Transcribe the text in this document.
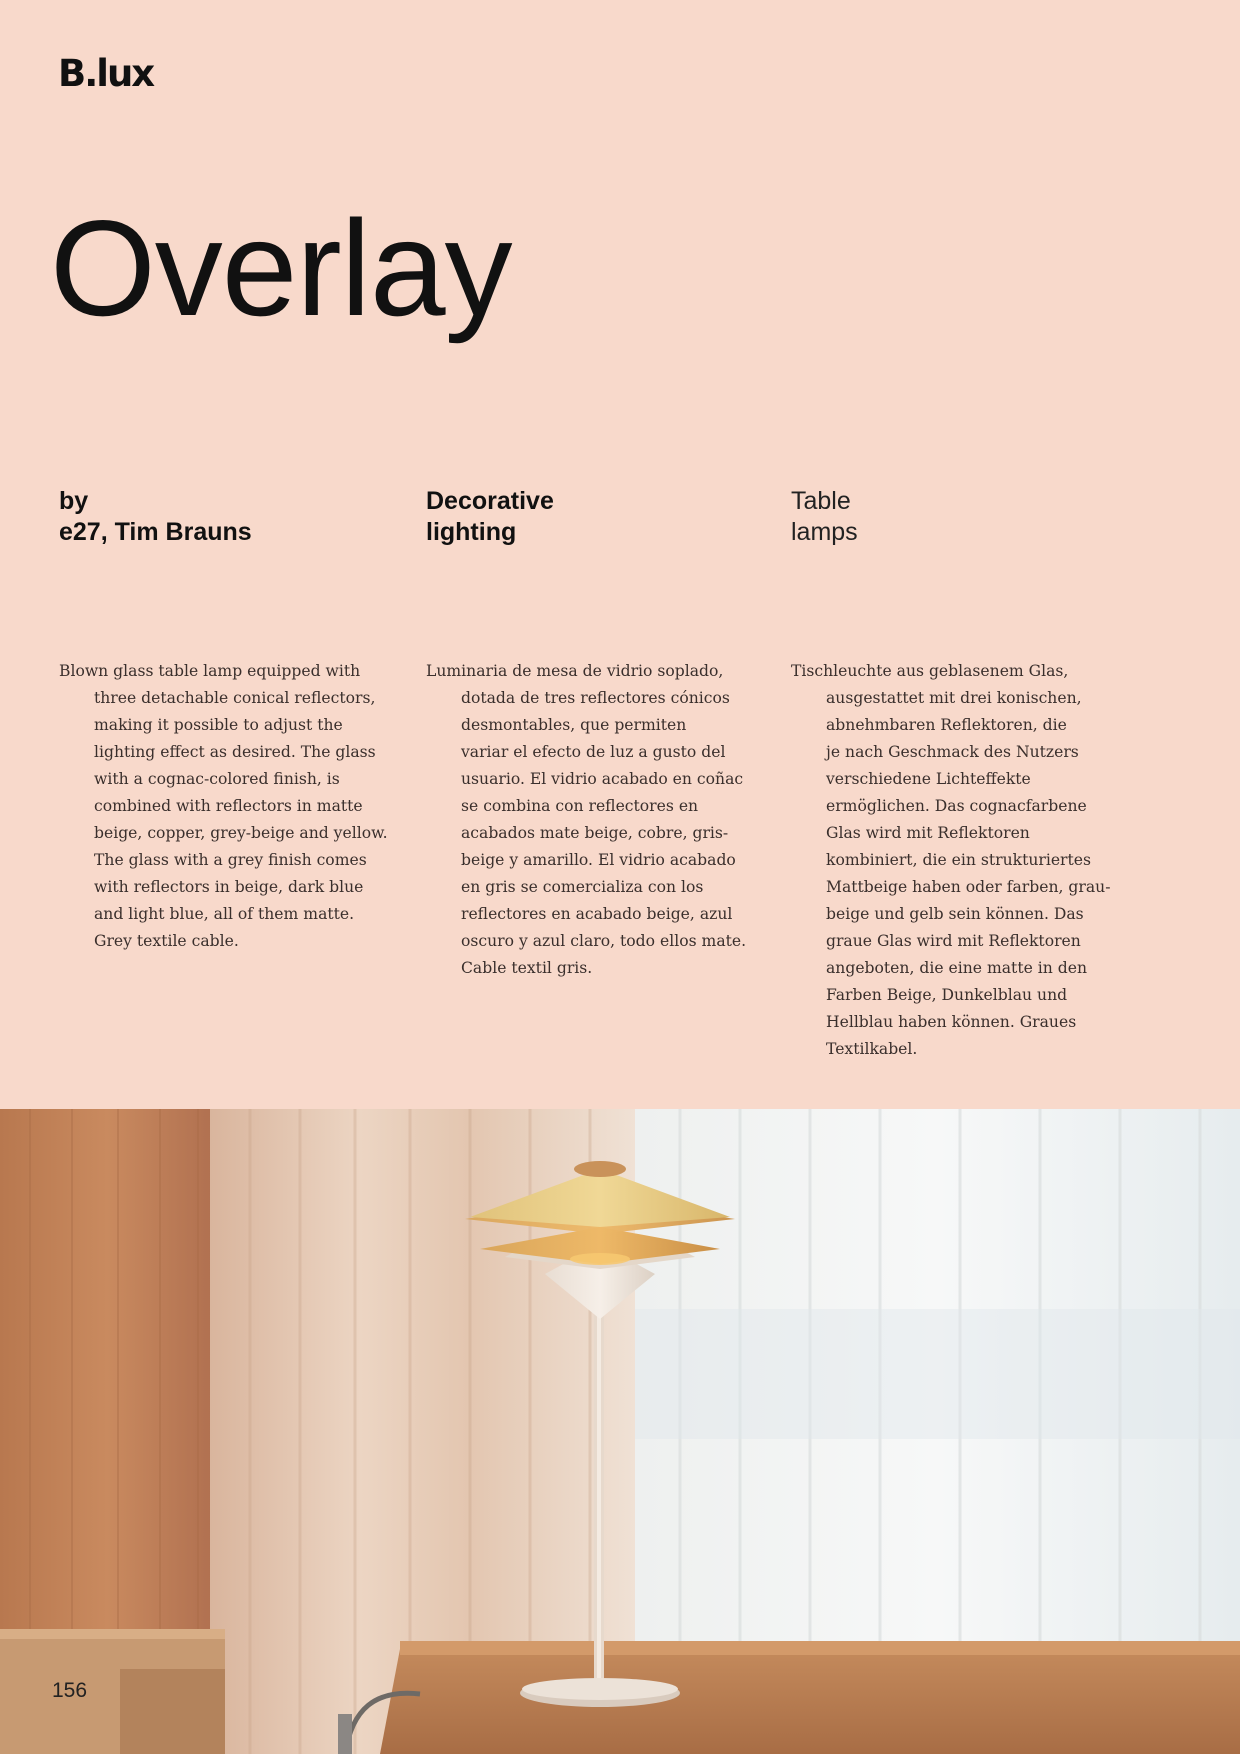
B.lux
Overlay
by
e27, Tim Brauns
Decorative
lighting
Table
lamps
Blown glass table lamp equipped with
three detachable conical reflectors,
making it possible to adjust the
lighting effect as desired. The glass
with a cognac-colored finish, is
combined with reflectors in matte
beige, copper, grey-beige and yellow.
The glass with a grey finish comes
with reflectors in beige, dark blue
and light blue, all of them matte.
Grey textile cable.
Luminaria de mesa de vidrio soplado,
dotada de tres reflectores cónicos
desmontables, que permiten
variar el efecto de luz a gusto del
usuario. El vidrio acabado en coñac
se combina con reflectores en
acabados mate beige, cobre, gris-
beige y amarillo. El vidrio acabado
en gris se comercializa con los
reflectores en acabado beige, azul
oscuro y azul claro, todo ellos mate.
Cable textil gris.
Tischleuchte aus geblasenem Glas,
ausgestattet mit drei konischen,
abnehmbaren Reflektoren, die
je nach Geschmack des Nutzers
verschiedene Lichteffekte
ermöglichen. Das cognacfarbene
Glas wird mit Reflektoren
kombiniert, die ein strukturiertes
Mattbeige haben oder farben, grau-
beige und gelb sein können. Das
graue Glas wird mit Reflektoren
angeboten, die eine matte in den
Farben Beige, Dunkelblau und
Hellblau haben können. Graues
Textilkabel.
156
